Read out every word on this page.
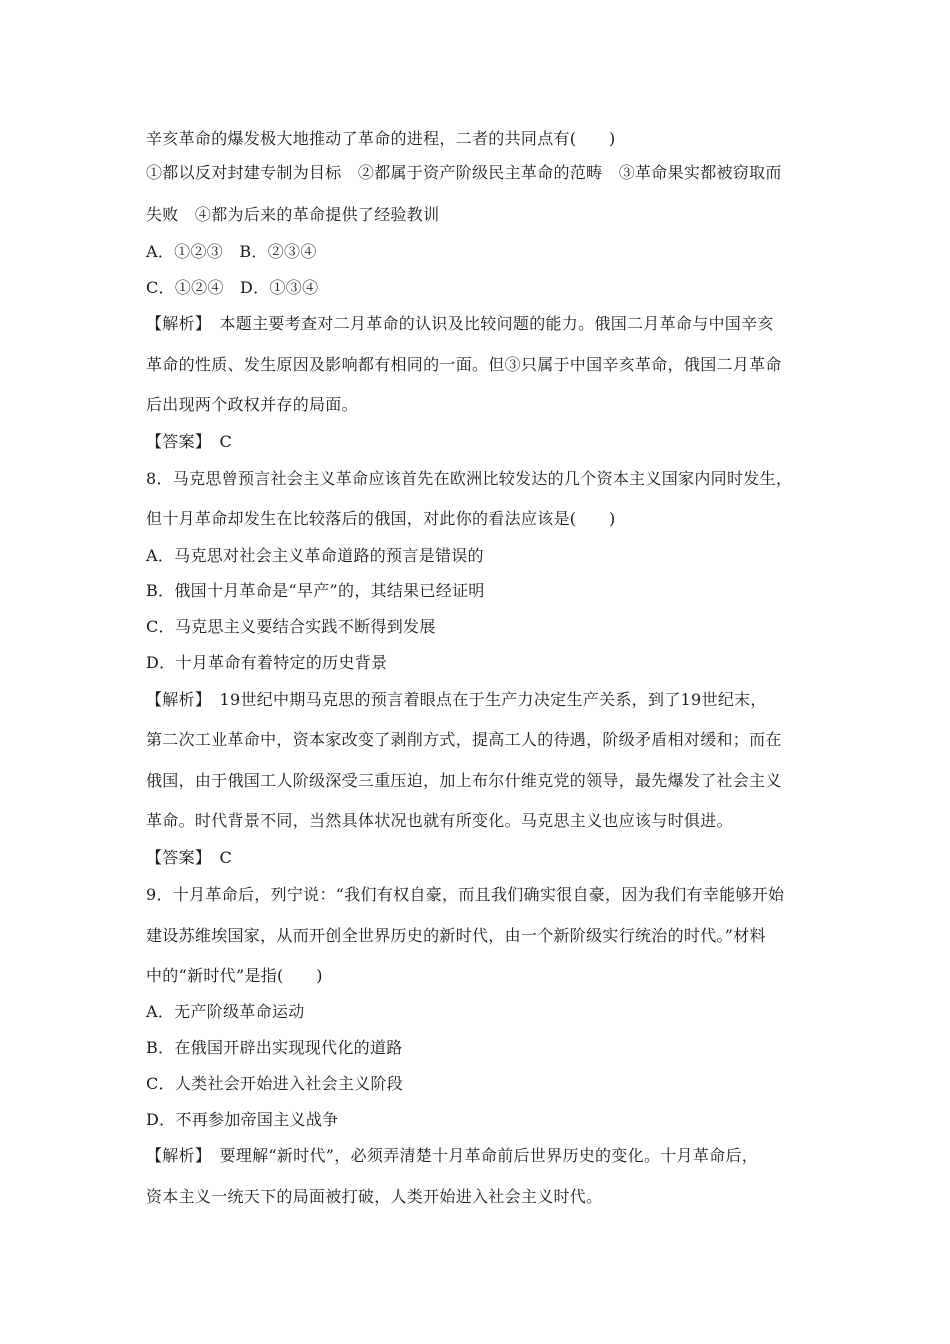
辛亥革命的爆发极大地推动了革命的进程，二者的共同点有(　　)
①都以反对封建专制为目标　②都属于资产阶级民主革命的范畴　③革命果实都被窃取而
失败　④都为后来的革命提供了经验教训
A．①②③　B．②③④
C．①②④　D．①③④
【解析】　本题主要考查对二月革命的认识及比较问题的能力。俄国二月革命与中国辛亥
革命的性质、发生原因及影响都有相同的一面。但③只属于中国辛亥革命，俄国二月革命
后出现两个政权并存的局面。
【答案】　C
8．马克思曾预言社会主义革命应该首先在欧洲比较发达的几个资本主义国家内同时发生，
但十月革命却发生在比较落后的俄国，对此你的看法应该是(　　)
A．马克思对社会主义革命道路的预言是错误的
B．俄国十月革命是“早产”的，其结果已经证明
C．马克思主义要结合实践不断得到发展
D．十月革命有着特定的历史背景
【解析】　19世纪中期马克思的预言着眼点在于生产力决定生产关系，到了19世纪末，
第二次工业革命中，资本家改变了剥削方式，提高工人的待遇，阶级矛盾相对缓和；而在
俄国，由于俄国工人阶级深受三重压迫，加上布尔什维克党的领导，最先爆发了社会主义
革命。时代背景不同，当然具体状况也就有所变化。马克思主义也应该与时俱进。
【答案】　C
9．十月革命后，列宁说：“我们有权自豪，而且我们确实很自豪，因为我们有幸能够开始
建设苏维埃国家，从而开创全世界历史的新时代，由一个新阶级实行统治的时代。”材料
中的“新时代”是指(　　)
A．无产阶级革命运动
B．在俄国开辟出实现现代化的道路
C．人类社会开始进入社会主义阶段
D．不再参加帝国主义战争
【解析】　要理解“新时代”，必须弄清楚十月革命前后世界历史的变化。十月革命后，
资本主义一统天下的局面被打破，人类开始进入社会主义时代。
